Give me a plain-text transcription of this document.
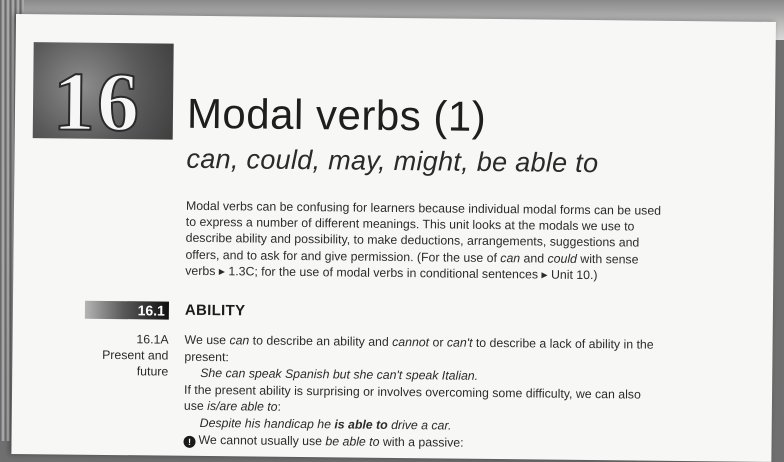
16 Modal verbs (1)
can, could, may, might, be able to
Modal verbs can be confusing for learners because individual modal forms can be used
to express a number of different meanings. This unit looks at the modals we use to
describe ability and possibility, to make deductions, arrangements, suggestions and
offers, and to ask for and give permission. (For the use of can and could with sense
verbs ▸ 1.3C; for the use of modal verbs in conditional sentences ▸ Unit 10.)
16.1 ABILITY
16.1A
Present and
future
We use can to describe an ability and cannot or can't to describe a lack of ability in the
present:
She can speak Spanish but she can't speak Italian.
If the present ability is surprising or involves overcoming some difficulty, we can also
use is/are able to:
Despite his handicap he is able to drive a car.
! We cannot usually use be able to with a passive:
